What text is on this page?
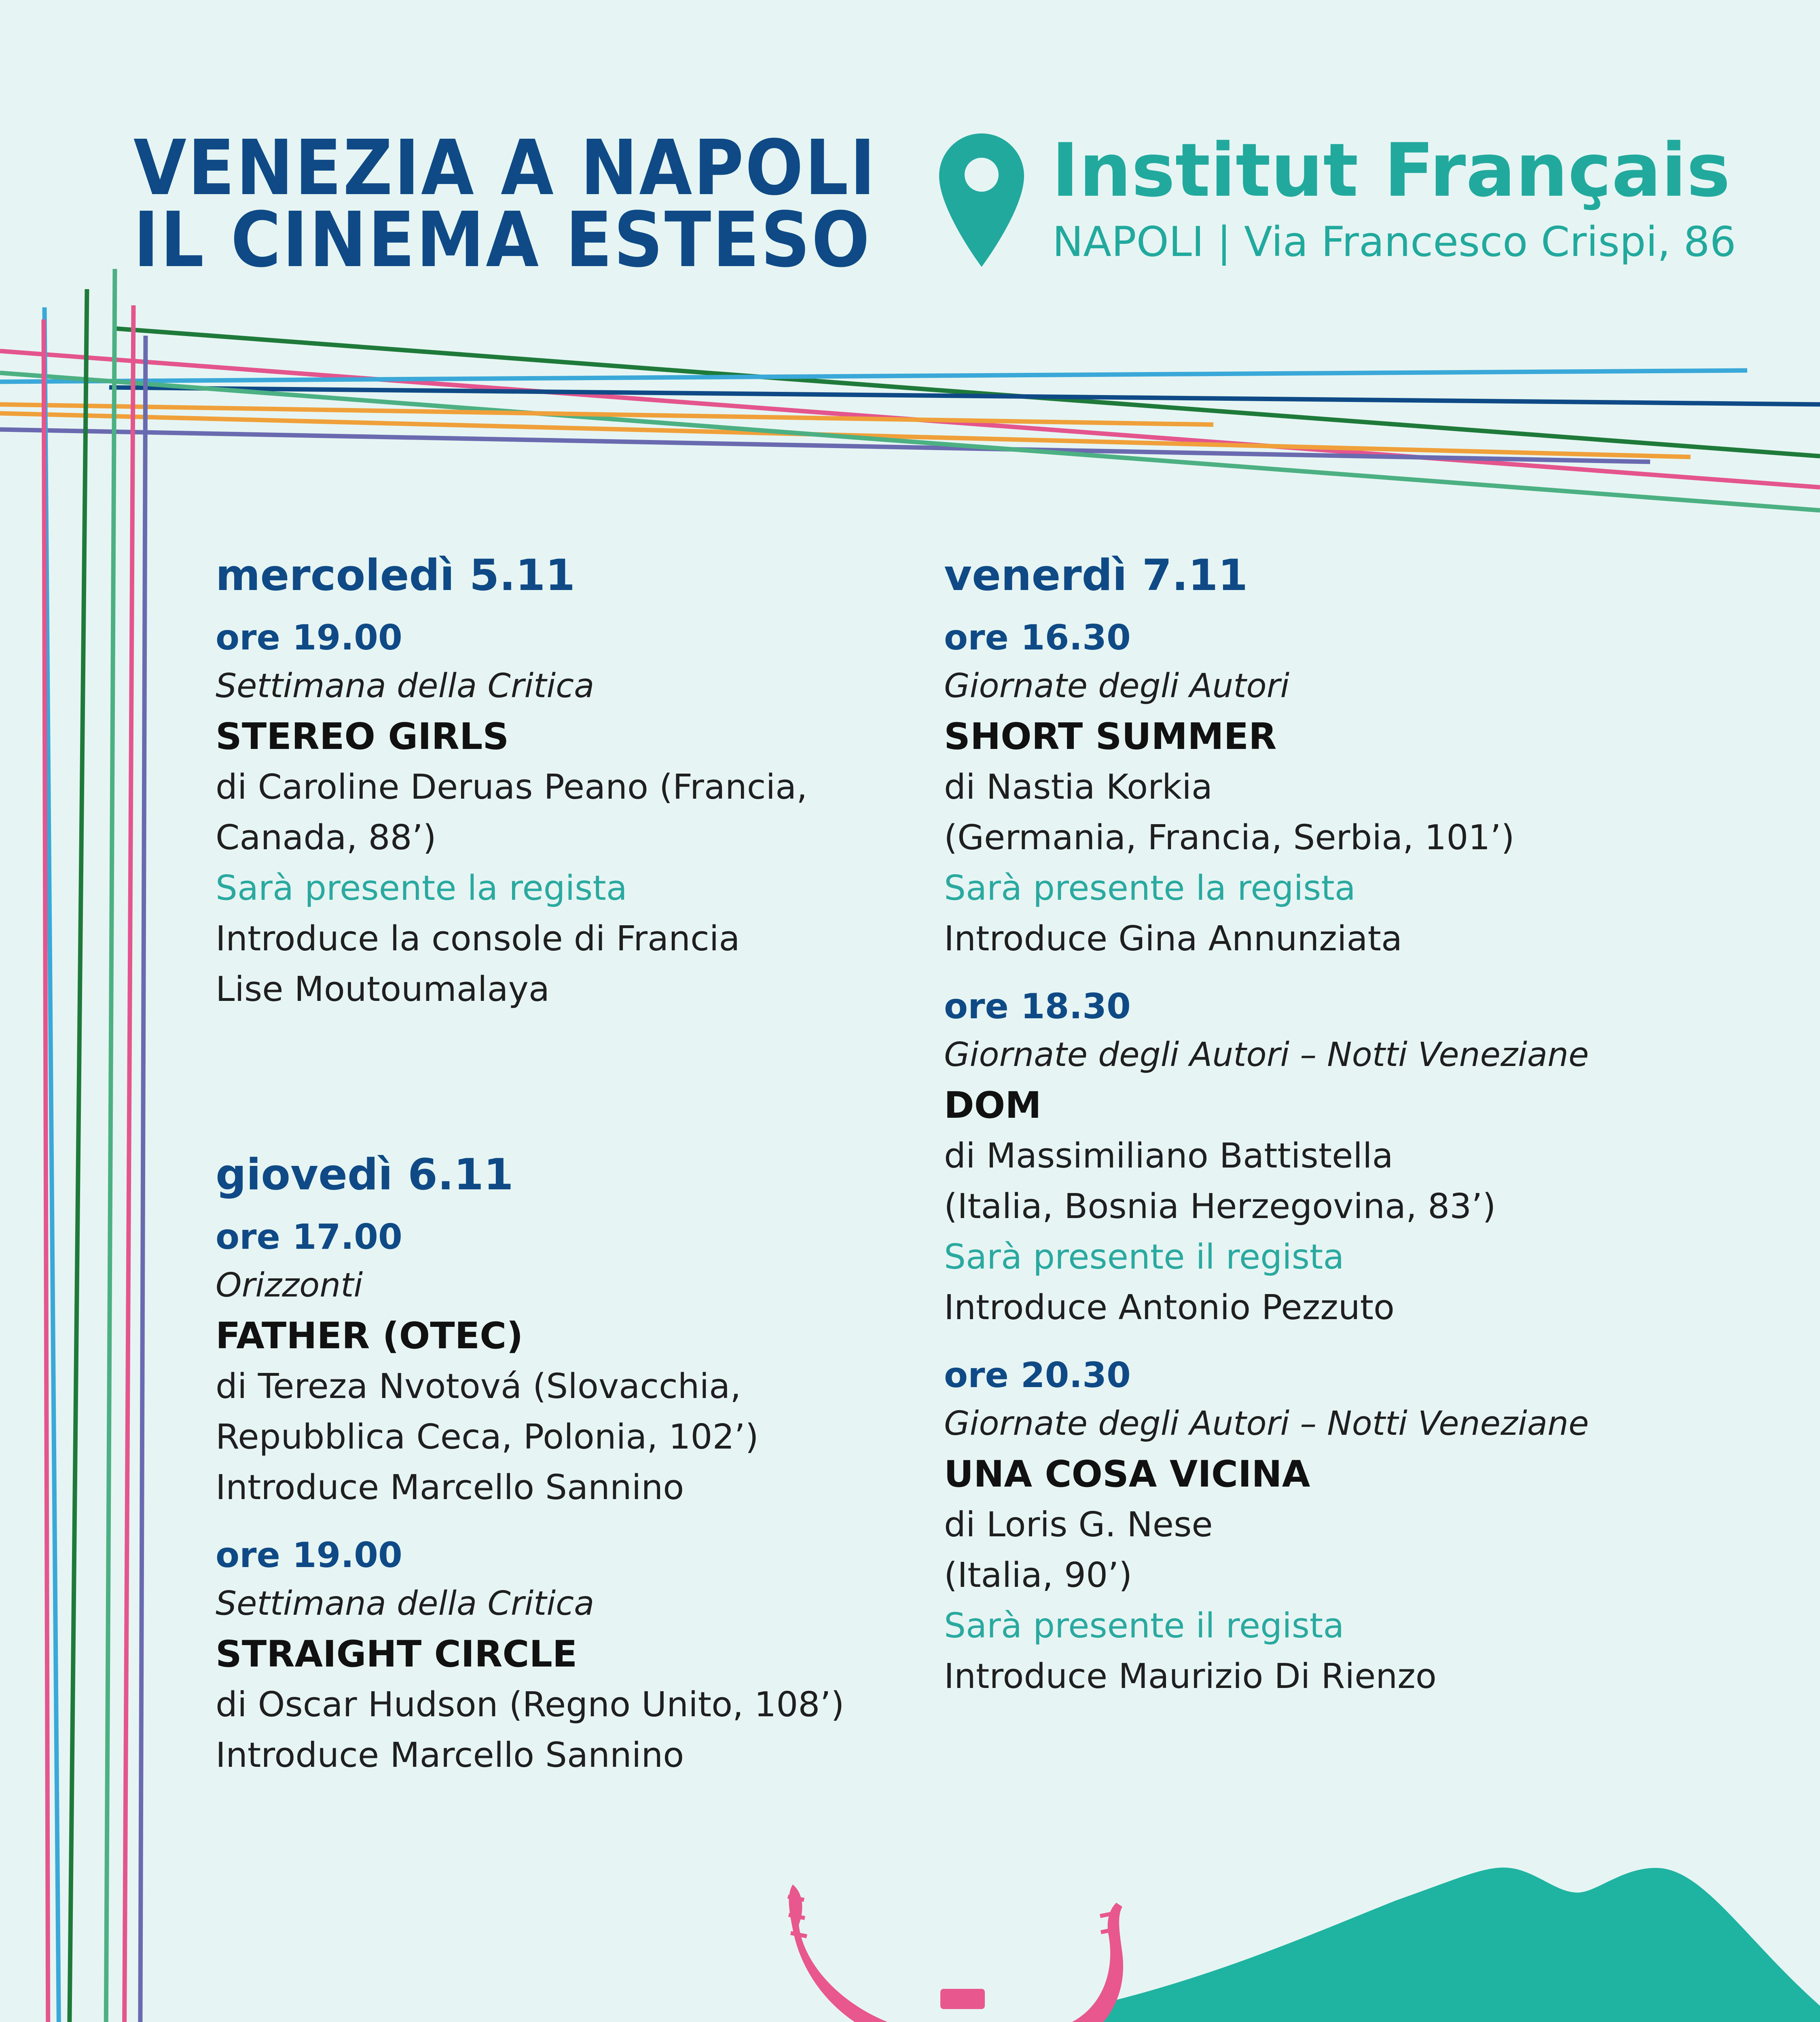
VENEZIA A NAPOLI
IL CINEMA ESTESO
Institut Français
NAPOLI | Via Francesco Crispi, 86
mercoledì 5.11
ore 19.00
Settimana della Critica
STEREO GIRLS
di Caroline Deruas Peano (Francia,
Canada, 88’)
Sarà presente la regista
Introduce la console di Francia
Lise Moutoumalaya
giovedì 6.11
ore 17.00
Orizzonti
FATHER (OTEC)
di Tereza Nvotová (Slovacchia,
Repubblica Ceca, Polonia, 102’)
Introduce Marcello Sannino
ore 19.00
Settimana della Critica
STRAIGHT CIRCLE
di Oscar Hudson (Regno Unito, 108’)
Introduce Marcello Sannino
venerdì 7.11
ore 16.30
Giornate degli Autori
SHORT SUMMER
di Nastia Korkia
(Germania, Francia, Serbia, 101’)
Sarà presente la regista
Introduce Gina Annunziata
ore 18.30
Giornate degli Autori – Notti Veneziane
DOM
di Massimiliano Battistella
(Italia, Bosnia Herzegovina, 83’)
Sarà presente il regista
Introduce Antonio Pezzuto
ore 20.30
Giornate degli Autori – Notti Veneziane
UNA COSA VICINA
di Loris G. Nese
(Italia, 90’)
Sarà presente il regista
Introduce Maurizio Di Rienzo
